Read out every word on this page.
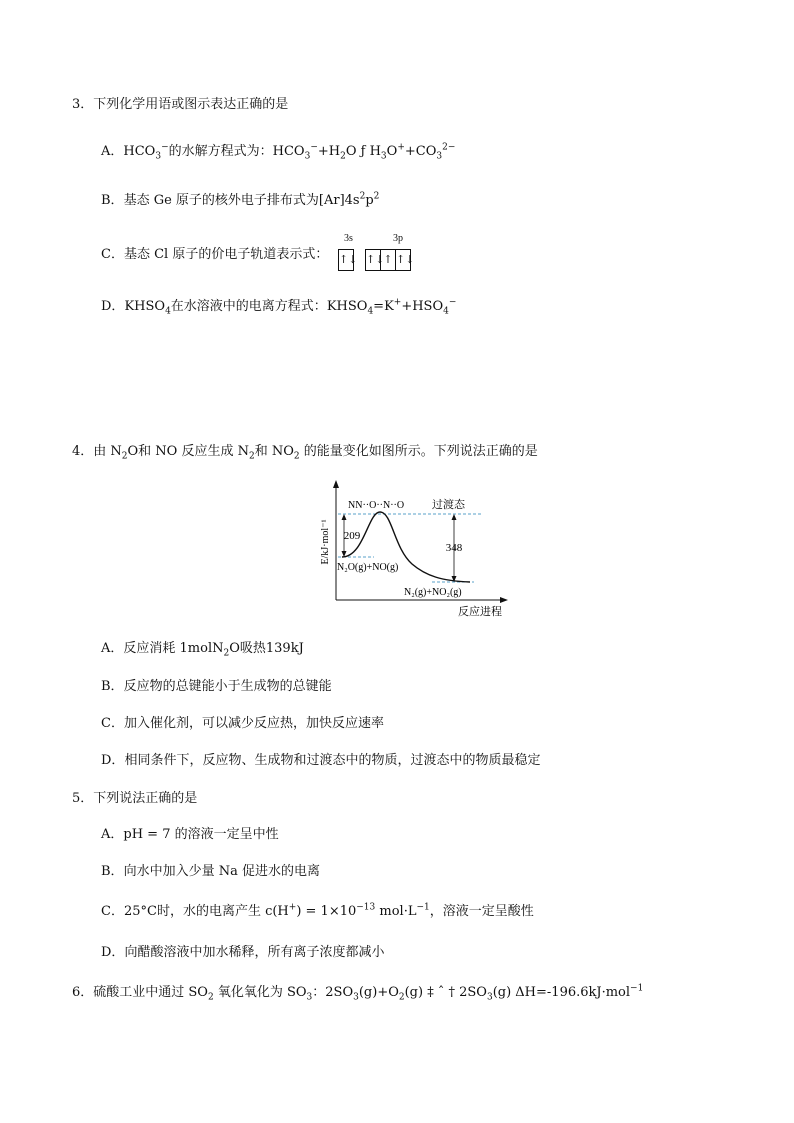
3．下列化学用语或图示表达正确的是
A．$HCO_3^-$的水解方程式为：$HCO_3^-+H_2O$ ƒ $H_3O^++CO_3^{2-}$
B．基态 Ge 原子的核外电子排布式为$[Ar]4s^2p^2$
C．基态 Cl 原子的价电子轨道表示式：
3s	3p
↑↓ ↑↓
↑ ↑↓
D．$KHSO_4$在水溶液中的电离方程式：$KHSO_4=K^++HSO_4^-$
4．由 $N_2O$和 NO 反应生成 $N_2$和 $NO_2$ 的能量变化如图所示。下列说法正确的是
E/kJ·mol⁻¹
反应进程
209
348
NN··O··N··O	过渡态
N₂O(g)+NO(g)
N₂(g)+NO₂(g)
A．反应消耗 1molN$_2$O吸热139kJ
B．反应物的总键能小于生成物的总键能
C．加入催化剂，可以减少反应热，加快反应速率
D．相同条件下，反应物、生成物和过渡态中的物质，过渡态中的物质最稳定
5．下列说法正确的是
A．pH = 7 的溶液一定呈中性
B．向水中加入少量 Na 促进水的电离
C．25°C时，水的电离产生 $c(H^+) = 1\times 10^{-13}$ $mol\cdot L^{-1}$，溶液一定呈酸性
D．向醋酸溶液中加水稀释，所有离子浓度都减小
6．硫酸工业中通过 $SO_2$ 氧化氧化为 $SO_3$：$2SO_3(g)+O_2(g)$ ‡ ˆ † $2SO_3(g)$ ΔH=-196.6kJ·mol$^{-1}$
